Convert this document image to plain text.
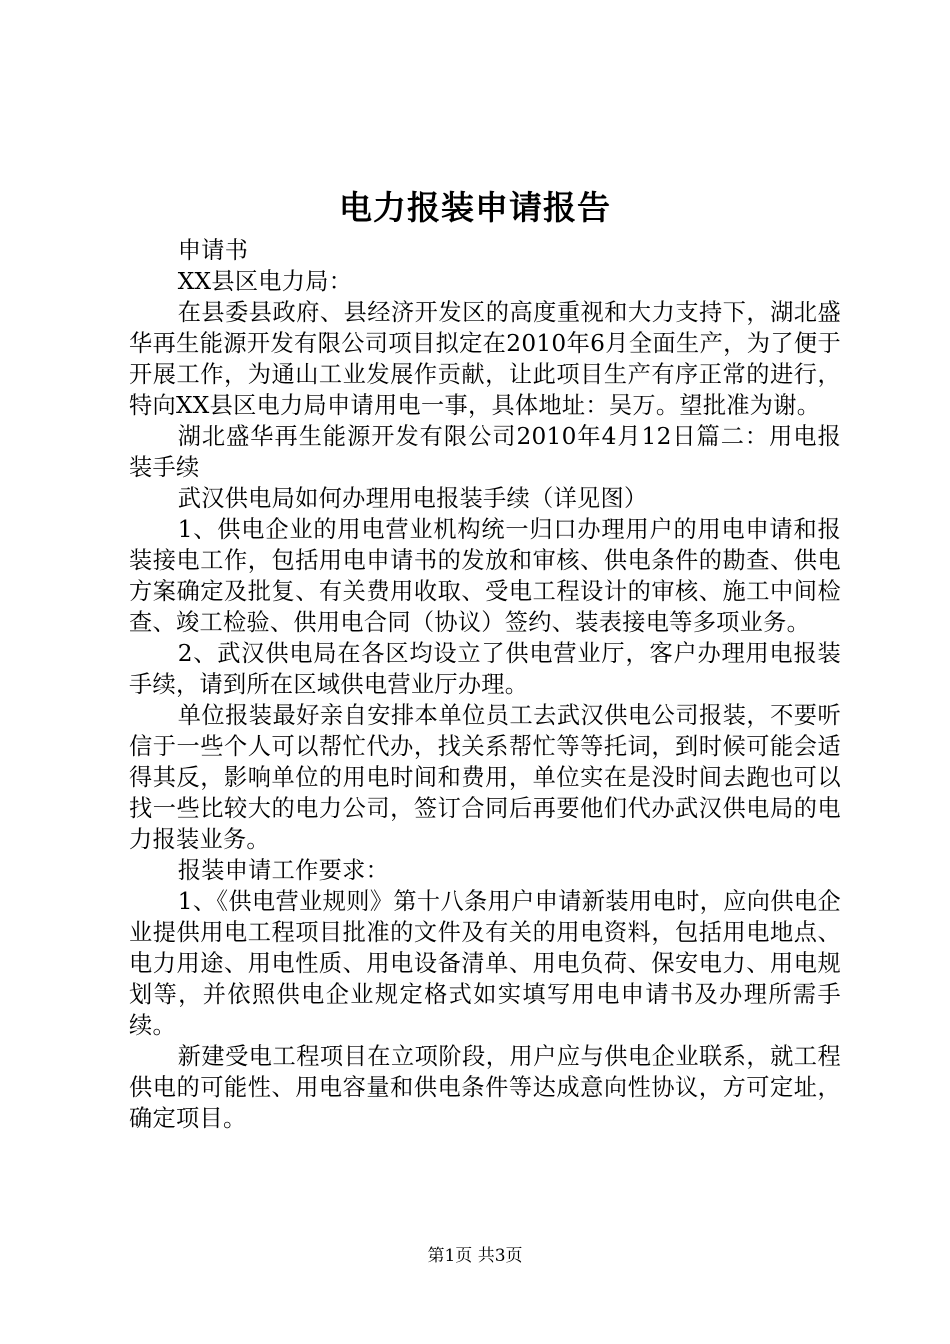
电力报装申请报告

申请书

XX县区电力局：

在县委县政府、县经济开发区的高度重视和大力支持下，湖北盛华再生能源开发有限公司项目拟定在2010年6月全面生产，为了便于开展工作，为通山工业发展作贡献，让此项目生产有序正常的进行，特向XX县区电力局申请用电一事，具体地址：吴万。望批准为谢。

湖北盛华再生能源开发有限公司2010年4月12日篇二：用电报装手续

武汉供电局如何办理用电报装手续（详见图）

1、供电企业的用电营业机构统一归口办理用户的用电申请和报装接电工作，包括用电申请书的发放和审核、供电条件的勘查、供电方案确定及批复、有关费用收取、受电工程设计的审核、施工中间检查、竣工检验、供用电合同（协议）签约、装表接电等多项业务。

2、武汉供电局在各区均设立了供电营业厅，客户办理用电报装手续，请到所在区域供电营业厅办理。

单位报装最好亲自安排本单位员工去武汉供电公司报装，不要听信于一些个人可以帮忙代办，找关系帮忙等等托词，到时候可能会适得其反，影响单位的用电时间和费用，单位实在是没时间去跑也可以找一些比较大的电力公司，签订合同后再要他们代办武汉供电局的电力报装业务。

报装申请工作要求：

1、《供电营业规则》第十八条用户申请新装用电时，应向供电企业提供用电工程项目批准的文件及有关的用电资料，包括用电地点、电力用途、用电性质、用电设备清单、用电负荷、保安电力、用电规划等，并依照供电企业规定格式如实填写用电申请书及办理所需手续。

新建受电工程项目在立项阶段，用户应与供电企业联系，就工程供电的可能性、用电容量和供电条件等达成意向性协议，方可定址，确定项目。

第1页 共3页
